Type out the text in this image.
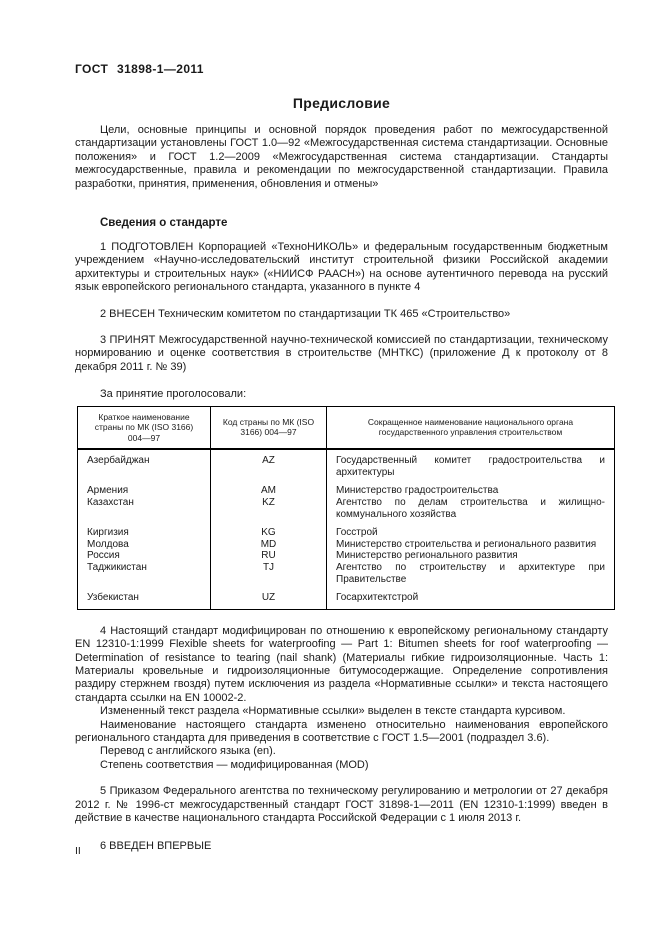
ГОСТ 31898-1—2011
Предисловие

Цели, основные принципы и основной порядок проведения работ по межгосударственной стандартизации установлены ГОСТ 1.0—92 «Межгосударственная система стандартизации. Основные положения» и ГОСТ 1.2—2009 «Межгосударственная система стандартизации. Стандарты межгосударственные, правила и рекомендации по межгосударственной стандартизации. Правила разработки, принятия, применения, обновления и отмены»

Сведения о стандарте

1 ПОДГОТОВЛЕН Корпорацией «ТехноНИКОЛЬ» и федеральным государственным бюджетным учреждением «Научно-исследовательский институт строительной физики Российской академии архитектуры и строительных наук» («НИИСФ РААСН») на основе аутентичного перевода на русский язык европейского регионального стандарта, указанного в пункте 4

2 ВНЕСЕН Техническим комитетом по стандартизации ТК 465 «Строительство»

3 ПРИНЯТ Межгосударственной научно-технической комиссией по стандартизации, техническому нормированию и оценке соответствия в строительстве (МНТКС) (приложение Д к протоколу от 8 декабря 2011 г. № 39)

За принятие проголосовали:

Краткое наименование страны по МК (ISO 3166) 004—97	Код страны по МК (ISO 3166) 004—97	Сокращенное наименование национального органа государственного управления строительством
Азербайджан	AZ	Государственный комитет градостроительства и архитектуры
Армения	AM	Министерство градостроительства
Казахстан	KZ	Агентство по делам строительства и жилищно-коммунального хозяйства
Киргизия	KG	Госстрой
Молдова	MD	Министерство строительства и регионального развития
Россия	RU	Министерство регионального развития
Таджикистан	TJ	Агентство по строительству и архитектуре при Правительстве
Узбекистан	UZ	Госархитектстрой

4 Настоящий стандарт модифицирован по отношению к европейскому региональному стандарту EN 12310-1:1999 Flexible sheets for waterproofing — Part 1: Bitumen sheets for roof waterproofing — Determination of resistance to tearing (nail shank) (Материалы гибкие гидроизоляционные. Часть 1: Материалы кровельные и гидроизоляционные битумосодержащие. Определение сопротивления раздиру стержнем гвоздя) путем исключения из раздела «Нормативные ссылки» и текста настоящего стандарта ссылки на EN 10002-2.

Измененный текст раздела «Нормативные ссылки» выделен в тексте стандарта курсивом.

Наименование настоящего стандарта изменено относительно наименования европейского регионального стандарта для приведения в соответствие с ГОСТ 1.5—2001 (подраздел 3.6).

Перевод с английского языка (en).

Степень соответствия — модифицированная (MOD)

5 Приказом Федерального агентства по техническому регулированию и метрологии от 27 декабря 2012 г. № 1996-ст межгосударственный стандарт ГОСТ 31898-1—2011 (EN 12310-1:1999) введен в действие в качестве национального стандарта Российской Федерации с 1 июля 2013 г.

6 ВВЕДЕН ВПЕРВЫЕ

II
